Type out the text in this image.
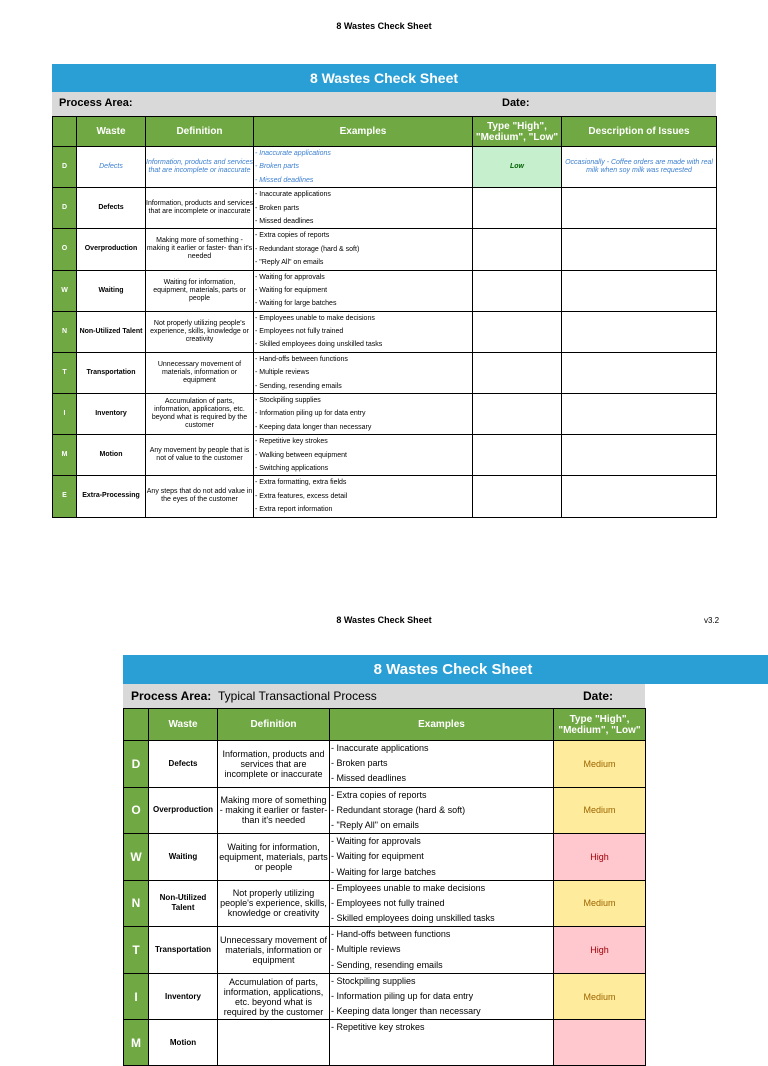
8 Wastes Check Sheet
8 Wastes Check Sheet
Process Area:	Date:
	Waste	Definition	Examples	Type "High", "Medium", "Low"	Description of Issues
D	Defects	Information, products and services that are incomplete or inaccurate	- Inaccurate applications
- Broken parts
- Missed deadlines	Low	Occasionally - Coffee orders are made with real milk when soy milk was requested
D	Defects	Information, products and services that are incomplete or inaccurate	- Inaccurate applications
- Broken parts
- Missed deadlines		

O	Overproduction	Making more of something - making it earlier or faster- than it's needed	- Extra copies of reports
- Redundant storage (hard & soft)
- "Reply All" on emails		

W	Waiting	Waiting for information, equipment, materials, parts or people	- Waiting for approvals
- Waiting for equipment
- Waiting for large batches		

N	Non-Utilized Talent	Not properly utilizing people's experience, skills, knowledge or creativity	- Employees unable to make decisions
- Employees not fully trained
- Skilled employees doing unskilled tasks		

T	Transportation	Unnecessary movement of materials, information or equipment	- Hand-offs between functions
- Multiple reviews
- Sending, resending emails		

I	Inventory	Accumulation of parts, information, applications, etc. beyond what is required by the customer	- Stockpiling supplies
- Information piling up for data entry
- Keeping data longer than necessary		

M	Motion	Any movement by people that is not of value to the customer	- Repetitive key strokes
- Walking between equipment
- Switching applications		

E	Extra-Processing	Any steps that do not add value in the eyes of the customer	- Extra formatting, extra fields
- Extra features, excess detail
- Extra report information		

8 Wastes Check Sheet	v3.2
8 Wastes Check Sheet
Process Area: Typical Transactional Process	Date:
	Waste	Definition	Examples	Type "High", "Medium", "Low"
D	Defects	Information, products and services that are incomplete or inaccurate	- Inaccurate applications
- Broken parts
- Missed deadlines	Medium
O	Overproduction	Making more of something - making it earlier or faster- than it's needed	- Extra copies of reports
- Redundant storage (hard & soft)
- "Reply All" on emails	Medium
W	Waiting	Waiting for information, equipment, materials, parts or people	- Waiting for approvals
- Waiting for equipment
- Waiting for large batches	High
N	Non-Utilized Talent	Not properly utilizing people's experience, skills, knowledge or creativity	- Employees unable to make decisions
- Employees not fully trained
- Skilled employees doing unskilled tasks	Medium
T	Transportation	Unnecessary movement of materials, information or equipment	- Hand-offs between functions
- Multiple reviews
- Sending, resending emails	High
I	Inventory	Accumulation of parts, information, applications, etc. beyond what is required by the customer	- Stockpiling supplies
- Information piling up for data entry
- Keeping data longer than necessary	Medium
M	Motion		- Repetitive key strokes	
